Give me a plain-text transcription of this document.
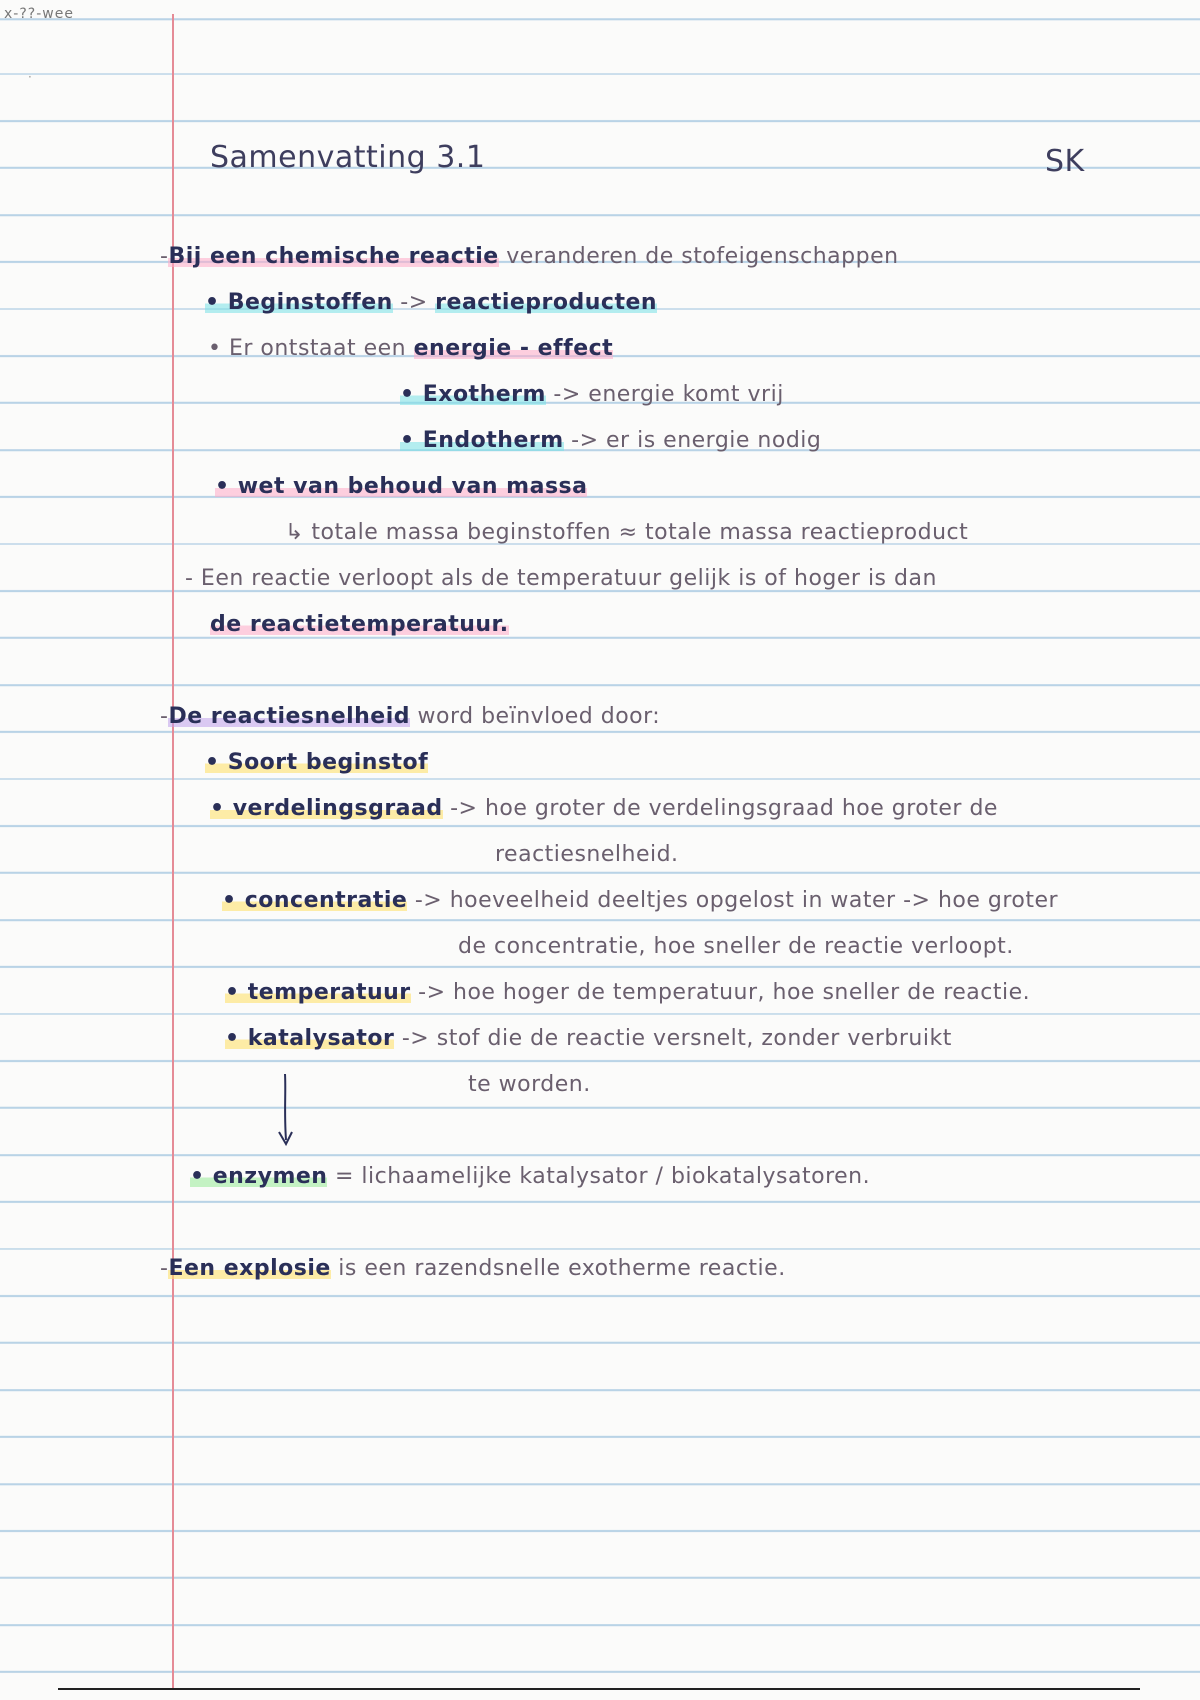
x-??-wee
·
Samenvatting 3.1	SK
-Bij een chemische reactie veranderen de stofeigenschappen
• Beginstoffen -> reactieproducten
• Er ontstaat een energie - effect
• Exotherm -> energie komt vrij
• Endotherm -> er is energie nodig
• wet van behoud van massa
↳ totale massa beginstoffen ≈ totale massa reactieproduct
- Een reactie verloopt als de temperatuur gelijk is of hoger is dan
de reactietemperatuur.
-De reactiesnelheid word beïnvloed door:
• Soort beginstof
• verdelingsgraad -> hoe groter de verdelingsgraad hoe groter de
reactiesnelheid.
• concentratie -> hoeveelheid deeltjes opgelost in water -> hoe groter
de concentratie, hoe sneller de reactie verloopt.
• temperatuur -> hoe hoger de temperatuur, hoe sneller de reactie.
• katalysator -> stof die de reactie versnelt, zonder verbruikt
te worden.
• enzymen = lichaamelijke katalysator / biokatalysatoren.
-Een explosie is een razendsnelle exotherme reactie.
